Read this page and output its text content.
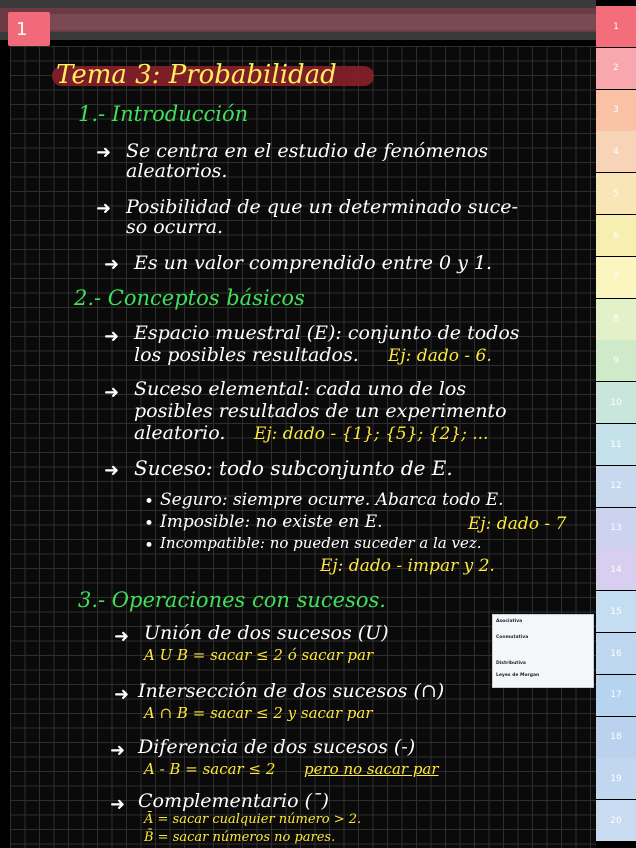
1	1
2
3
4
5
6
7
8
9
10
11
12
13
14
15
16
17
18
19
20
Tema 3: Probabilidad
1.- Introducción
➜ Se centra en el estudio de fenómenos
aleatorios.
➜ Posibilidad de que un determinado suce-
so ocurra.
➜ Es un valor comprendido entre 0 y 1.
2.- Conceptos básicos
➜ Espacio muestral (E): conjunto de todos
los posibles resultados. Ej: dado - 6.
➜ Suceso elemental: cada uno de los
posibles resultados de un experimento
aleatorio. Ej: dado - {1}; {5}; {2}; ...
➜ Suceso: todo subconjunto de E.
• Seguro: siempre ocurre. Abarca todo E.
• Imposible: no existe en E.	Ej: dado - 7
• Incompatible: no pueden suceder a la vez.
Ej: dado - impar y 2.
3.- Operaciones con sucesos.
Asociativa
Conmutativa
Distributiva
Leyes de Morgan
➜ Unión de dos sucesos (U)
A U B = sacar ≤ 2 ó sacar par
➜ Intersección de dos sucesos (∩)
A ∩ B = sacar ≤ 2 y sacar par
➜ Diferencia de dos sucesos (-)
A - B = sacar ≤ 2 pero no sacar par
➜ Complementario (¯)
Ā = sacar cualquier número > 2.
B̄ = sacar números no pares.
